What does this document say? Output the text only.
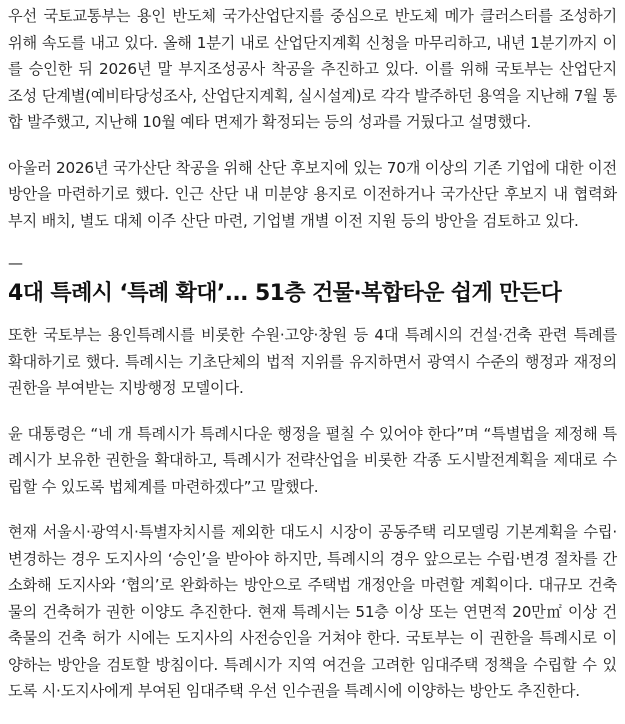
우선 국토교통부는 용인 반도체 국가산업단지를 중심으로 반도체 메가 클러스터를 조성하기 위해 속도를 내고 있다. 올해 1분기 내로 산업단지계획 신청을 마무리하고, 내년 1분기까지 이를 승인한 뒤 2026년 말 부지조성공사 착공을 추진하고 있다. 이를 위해 국토부는 산업단지 조성 단계별(예비타당성조사, 산업단지계획, 실시설계)로 각각 발주하던 용역을 지난해 7월 통합 발주했고, 지난해 10월 예타 면제가 확정되는 등의 성과를 거뒀다고 설명했다.

아울러 2026년 국가산단 착공을 위해 산단 후보지에 있는 70개 이상의 기존 기업에 대한 이전 방안을 마련하기로 했다. 인근 산단 내 미분양 용지로 이전하거나 국가산단 후보지 내 협력화부지 배치, 별도 대체 이주 산단 마련, 기업별 개별 이전 지원 등의 방안을 검토하고 있다.

—
4대 특례시 ‘특례 확대’... 51층 건물·복합타운 쉽게 만든다

또한 국토부는 용인특례시를 비롯한 수원·고양·창원 등 4대 특례시의 건설·건축 관련 특례를 확대하기로 했다. 특례시는 기초단체의 법적 지위를 유지하면서 광역시 수준의 행정과 재정의 권한을 부여받는 지방행정 모델이다.

윤 대통령은 “네 개 특례시가 특례시다운 행정을 펼칠 수 있어야 한다”며 “특별법을 제정해 특례시가 보유한 권한을 확대하고, 특례시가 전략산업을 비롯한 각종 도시발전계획을 제대로 수립할 수 있도록 법체계를 마련하겠다”고 말했다.

현재 서울시·광역시·특별자치시를 제외한 대도시 시장이 공동주택 리모델링 기본계획을 수립·변경하는 경우 도지사의 ‘승인’을 받아야 하지만, 특례시의 경우 앞으로는 수립·변경 절차를 간소화해 도지사와 ‘협의’로 완화하는 방안으로 주택법 개정안을 마련할 계획이다. 대규모 건축물의 건축허가 권한 이양도 추진한다. 현재 특례시는 51층 이상 또는 연면적 20만㎡ 이상 건축물의 건축 허가 시에는 도지사의 사전승인을 거쳐야 한다. 국토부는 이 권한을 특례시로 이양하는 방안을 검토할 방침이다. 특례시가 지역 여건을 고려한 임대주택 정책을 수립할 수 있도록 시·도지사에게 부여된 임대주택 우선 인수권을 특례시에 이양하는 방안도 추진한다.
